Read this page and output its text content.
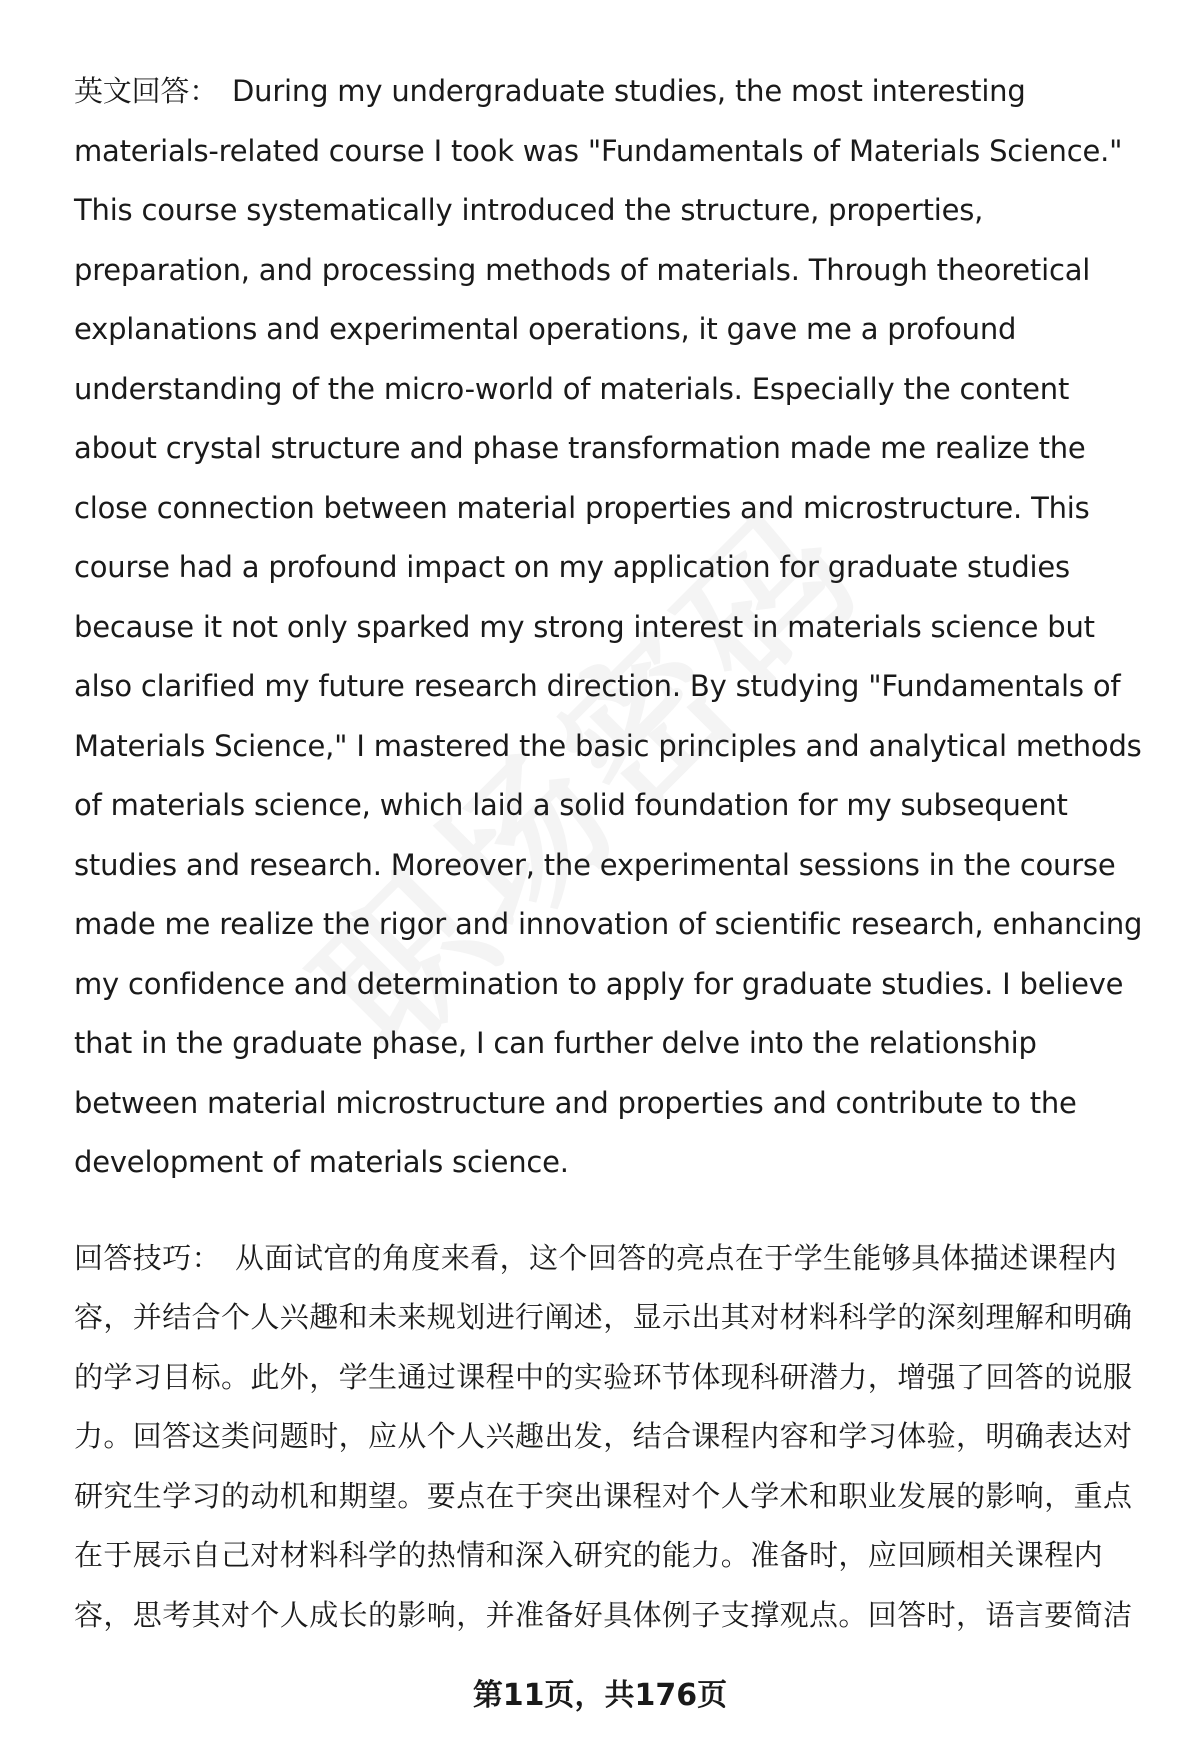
英文回答： During my undergraduate studies, the most interesting materials-related course I took was "Fundamentals of Materials Science." This course systematically introduced the structure, properties, preparation, and processing methods of materials. Through theoretical explanations and experimental operations, it gave me a profound understanding of the micro-world of materials. Especially the content about crystal structure and phase transformation made me realize the close connection between material properties and microstructure. This course had a profound impact on my application for graduate studies because it not only sparked my strong interest in materials science but also clarified my future research direction. By studying "Fundamentals of Materials Science," I mastered the basic principles and analytical methods of materials science, which laid a solid foundation for my subsequent studies and research. Moreover, the experimental sessions in the course made me realize the rigor and innovation of scientific research, enhancing my confidence and determination to apply for graduate studies. I believe that in the graduate phase, I can further delve into the relationship between material microstructure and properties and contribute to the development of materials science.

回答技巧： 从面试官的角度来看，这个回答的亮点在于学生能够具体描述课程内容，并结合个人兴趣和未来规划进行阐述，显示出其对材料科学的深刻理解和明确的学习目标。此外，学生通过课程中的实验环节体现科研潜力，增强了回答的说服力。回答这类问题时，应从个人兴趣出发，结合课程内容和学习体验，明确表达对研究生学习的动机和期望。要点在于突出课程对个人学术和职业发展的影响，重点在于展示自己对材料科学的热情和深入研究的能力。准备时，应回顾相关课程内容，思考其对个人成长的影响，并准备好具体例子支撑观点。回答时，语言要简洁

第11页，共176页
